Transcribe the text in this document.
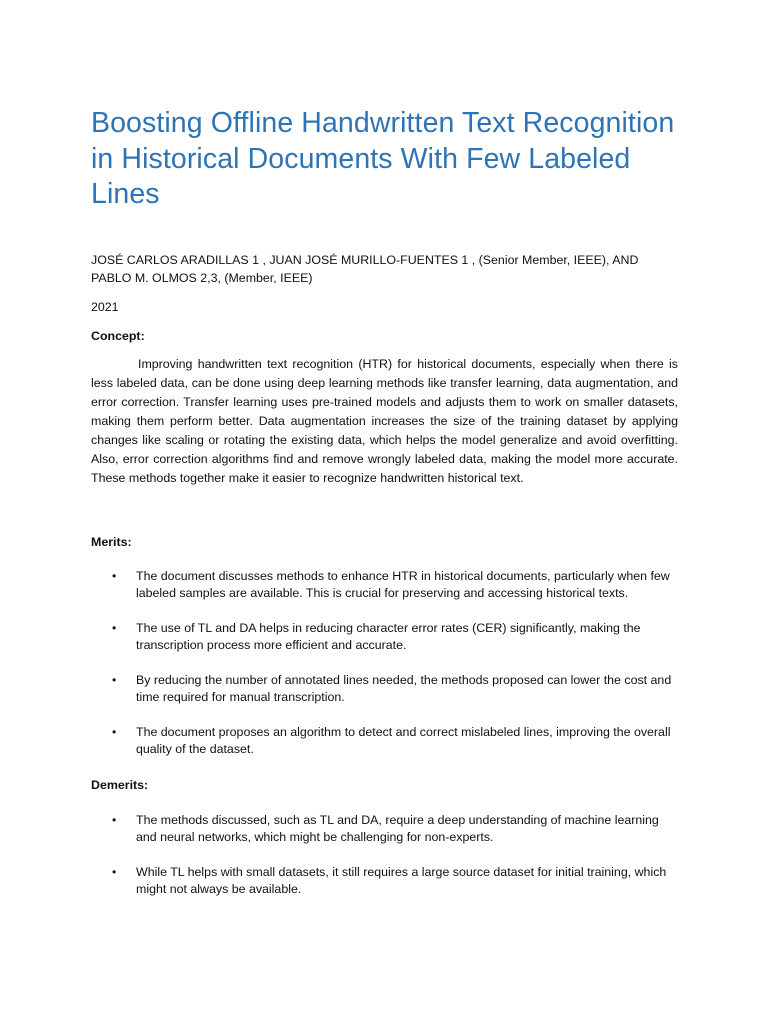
Boosting Offline Handwritten Text Recognition in Historical Documents With Few Labeled Lines

JOSÉ CARLOS ARADILLAS 1 , JUAN JOSÉ MURILLO-FUENTES 1 , (Senior Member, IEEE), AND PABLO M. OLMOS 2,3, (Member, IEEE)

2021

Concept:

Improving handwritten text recognition (HTR) for historical documents, especially when there is less labeled data, can be done using deep learning methods like transfer learning, data augmentation, and error correction. Transfer learning uses pre-trained models and adjusts them to work on smaller datasets, making them perform better. Data augmentation increases the size of the training dataset by applying changes like scaling or rotating the existing data, which helps the model generalize and avoid overfitting. Also, error correction algorithms find and remove wrongly labeled data, making the model more accurate. These methods together make it easier to recognize handwritten historical text.

Merits:

• The document discusses methods to enhance HTR in historical documents, particularly when few labeled samples are available. This is crucial for preserving and accessing historical texts.
• The use of TL and DA helps in reducing character error rates (CER) significantly, making the transcription process more efficient and accurate.
• By reducing the number of annotated lines needed, the methods proposed can lower the cost and time required for manual transcription.
• The document proposes an algorithm to detect and correct mislabeled lines, improving the overall quality of the dataset.

Demerits:

• The methods discussed, such as TL and DA, require a deep understanding of machine learning and neural networks, which might be challenging for non-experts.
• While TL helps with small datasets, it still requires a large source dataset for initial training, which might not always be available.
